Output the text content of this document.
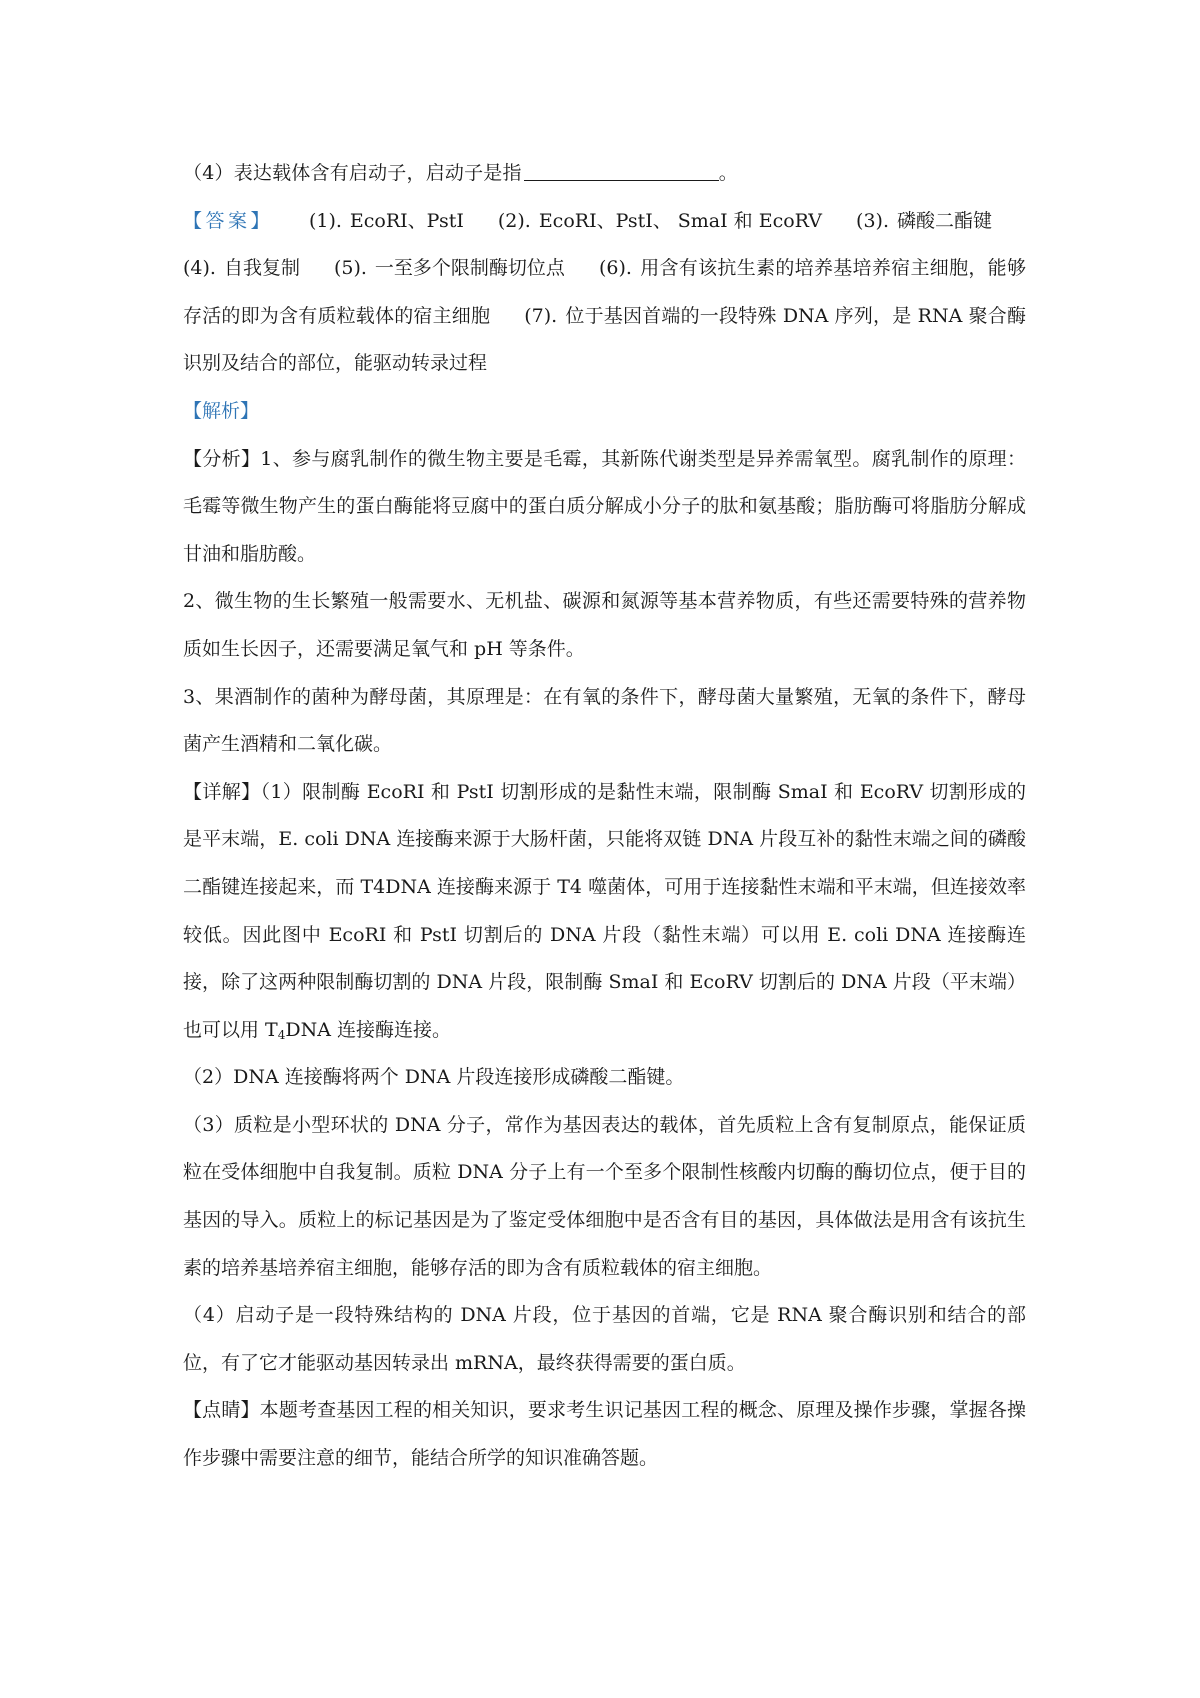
（4）表达载体含有启动子，启动子是指	。

【答案】 (1). EcoRI、PstI (2). EcoRI、PstI、 SmaI 和 EcoRV (3). 磷酸二酯键(4). 自我复制 (5). 一至多个限制酶切位点 (6). 用含有该抗生素的培养基培养宿主细胞，能够存活的即为含有质粒载体的宿主细胞 (7). 位于基因首端的一段特殊 DNA 序列，是 RNA 聚合酶识别及结合的部位，能驱动转录过程

【解析】

【分析】1、参与腐乳制作的微生物主要是毛霉，其新陈代谢类型是异养需氧型。腐乳制作的原理：毛霉等微生物产生的蛋白酶能将豆腐中的蛋白质分解成小分子的肽和氨基酸；脂肪酶可将脂肪分解成甘油和脂肪酸。

2、微生物的生长繁殖一般需要水、无机盐、碳源和氮源等基本营养物质，有些还需要特殊的营养物质如生长因子，还需要满足氧气和 pH 等条件。

3、果酒制作的菌种为酵母菌，其原理是：在有氧的条件下，酵母菌大量繁殖，无氧的条件下，酵母菌产生酒精和二氧化碳。

【详解】（1）限制酶 EcoRI 和 PstI 切割形成的是黏性末端，限制酶 SmaI 和 EcoRV 切割形成的是平末端，E. coli DNA 连接酶来源于大肠杆菌，只能将双链 DNA 片段互补的黏性末端之间的磷酸二酯键连接起来，而 T4DNA 连接酶来源于 T4 噬菌体，可用于连接黏性末端和平末端，但连接效率较低。因此图中 EcoRI 和 PstI 切割后的 DNA 片段（黏性末端）可以用 E. coli DNA 连接酶连接，除了这两种限制酶切割的 DNA 片段，限制酶 SmaI 和 EcoRV 切割后的 DNA 片段（平末端）也可以用 $T_4DNA$ 连接酶连接。

（2）DNA 连接酶将两个 DNA 片段连接形成磷酸二酯键。

（3）质粒是小型环状的 DNA 分子，常作为基因表达的载体，首先质粒上含有复制原点，能保证质粒在受体细胞中自我复制。质粒 DNA 分子上有一个至多个限制性核酸内切酶的酶切位点，便于目的基因的导入。质粒上的标记基因是为了鉴定受体细胞中是否含有目的基因，具体做法是用含有该抗生素的培养基培养宿主细胞，能够存活的即为含有质粒载体的宿主细胞。

（4）启动子是一段特殊结构的 DNA 片段，位于基因的首端，它是 RNA 聚合酶识别和结合的部位，有了它才能驱动基因转录出 mRNA，最终获得需要的蛋白质。

【点睛】本题考查基因工程的相关知识，要求考生识记基因工程的概念、原理及操作步骤，掌握各操作步骤中需要注意的细节，能结合所学的知识准确答题。
